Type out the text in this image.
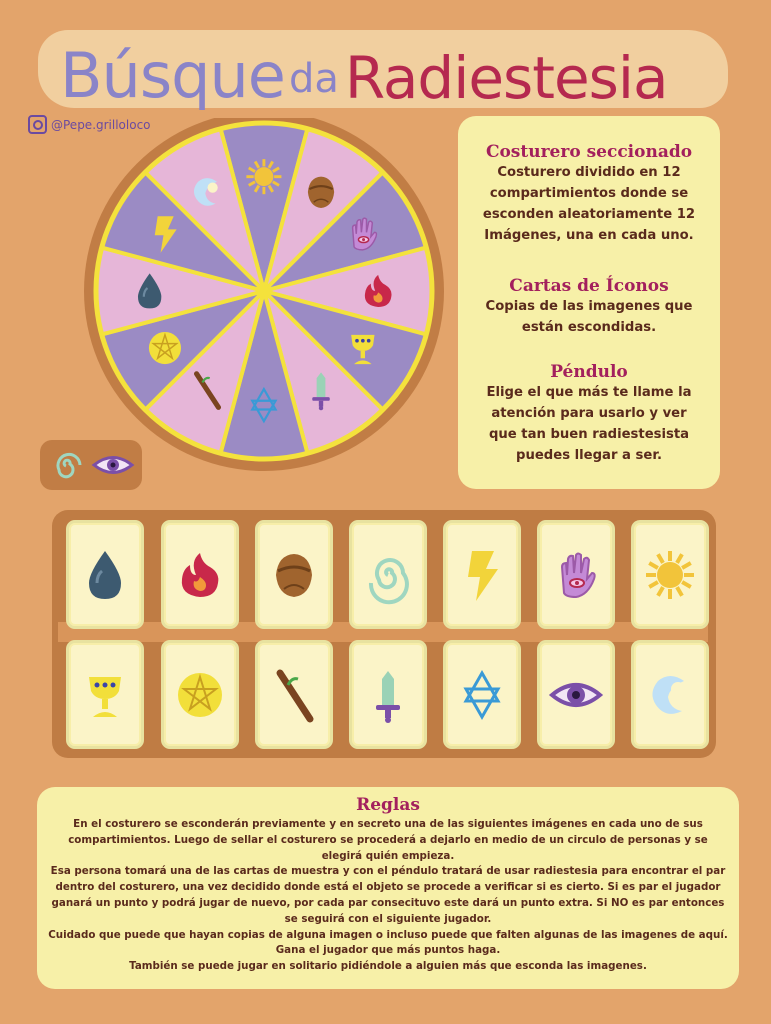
Búsque da Radiestesia
@Pepe.grilloloco
Costurero seccionado

Costurero dividido en 12 compartimientos donde se esconden aleatoriamente 12 Imágenes, una en cada uno.

Cartas de Íconos

Copias de las imagenes que están escondidas.

Péndulo

Elige el que más te llame la atención para usarlo y ver que tan buen radiestesista puedes llegar a ser.

Reglas

En el costurero se esconderán previamente y en secreto una de las siguientes imágenes en cada uno de sus compartimientos. Luego de sellar el costurero se procederá a dejarlo en medio de un circulo de personas y se elegirá quién empieza.

Esa persona tomará una de las cartas de muestra y con el péndulo tratará de usar radiestesia para encontrar el par dentro del costurero, una vez decidido donde está el objeto se procede a verificar si es cierto. Si es par el jugador ganará un punto y podrá jugar de nuevo, por cada par consecituvo este dará un punto extra. Si NO es par entonces se seguirá con el siguiente jugador.

Cuidado que puede que hayan copias de alguna imagen o incluso puede que falten algunas de las imagenes de aquí.

Gana el jugador que más puntos haga.

También se puede jugar en solitario pidiéndole a alguien más que esconda las imagenes.
